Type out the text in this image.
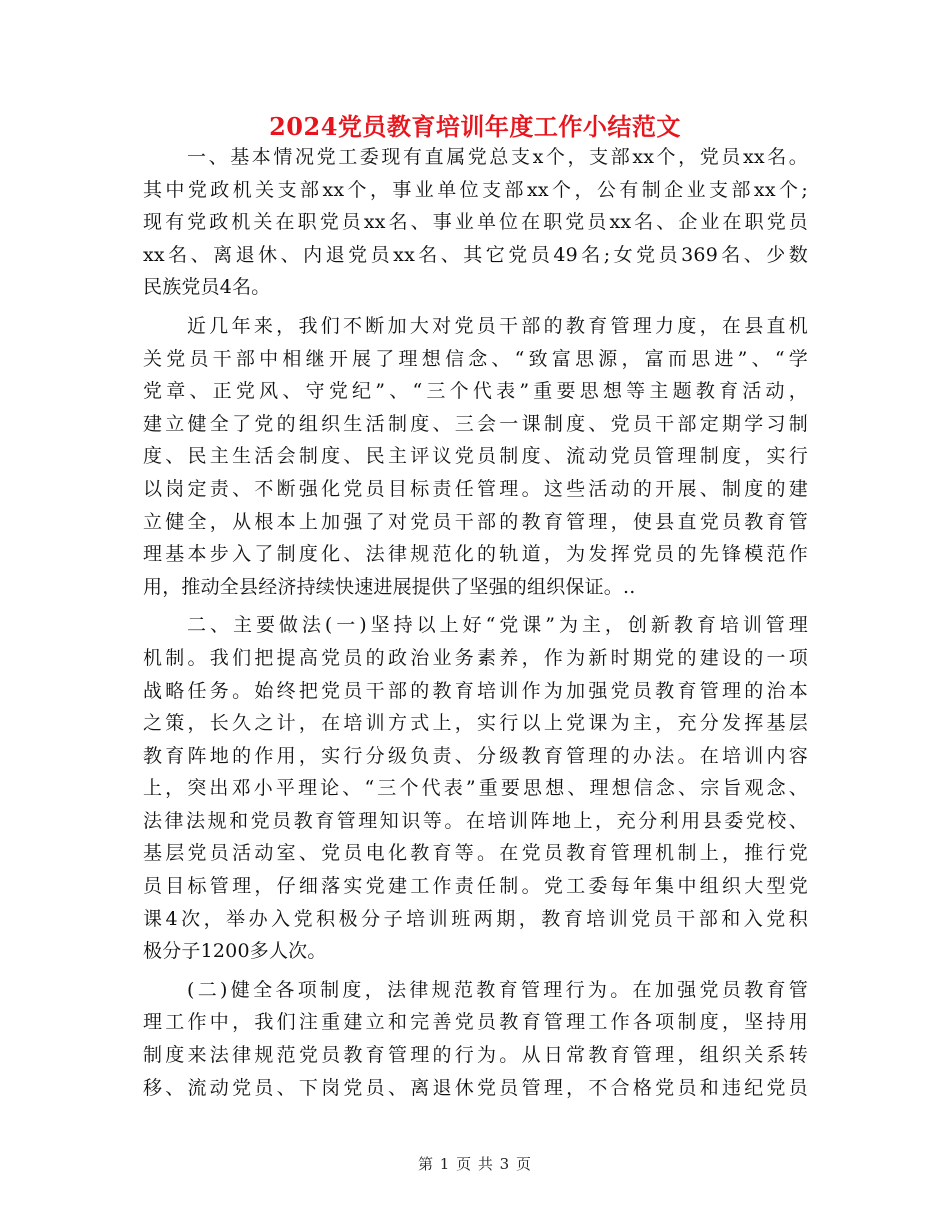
2024党员教育培训年度工作小结范文
一、基本情况党工委现有直属党总支x个，支部xx个，党员xx名。
其中党政机关支部xx个，事业单位支部xx个，公有制企业支部xx个;
现有党政机关在职党员xx名、事业单位在职党员xx名、企业在职党员
xx名、离退休、内退党员xx名、其它党员49名;女党员369名、少数
民族党员4名。
近几年来，我们不断加大对党员干部的教育管理力度，在县直机
关党员干部中相继开展了理想信念、“致富思源，富而思进”、“学
党章、正党风、守党纪”、“三个代表”重要思想等主题教育活动，
建立健全了党的组织生活制度、三会一课制度、党员干部定期学习制
度、民主生活会制度、民主评议党员制度、流动党员管理制度，实行
以岗定责、不断强化党员目标责任管理。这些活动的开展、制度的建
立健全，从根本上加强了对党员干部的教育管理，使县直党员教育管
理基本步入了制度化、法律规范化的轨道，为发挥党员的先锋模范作
用，推动全县经济持续快速进展提供了坚强的组织保证。..
二、主要做法(一)坚持以上好“党课”为主，创新教育培训管理
机制。我们把提高党员的政治业务素养，作为新时期党的建设的一项
战略任务。始终把党员干部的教育培训作为加强党员教育管理的治本
之策，长久之计，在培训方式上，实行以上党课为主，充分发挥基层
教育阵地的作用，实行分级负责、分级教育管理的办法。在培训内容
上，突出邓小平理论、“三个代表”重要思想、理想信念、宗旨观念、
法律法规和党员教育管理知识等。在培训阵地上，充分利用县委党校、
基层党员活动室、党员电化教育等。在党员教育管理机制上，推行党
员目标管理，仔细落实党建工作责任制。党工委每年集中组织大型党
课4次，举办入党积极分子培训班两期，教育培训党员干部和入党积
极分子1200多人次。
(二)健全各项制度，法律规范教育管理行为。在加强党员教育管
理工作中，我们注重建立和完善党员教育管理工作各项制度，坚持用
制度来法律规范党员教育管理的行为。从日常教育管理，组织关系转
移、流动党员、下岗党员、离退休党员管理，不合格党员和违纪党员
第 1 页 共 3 页
